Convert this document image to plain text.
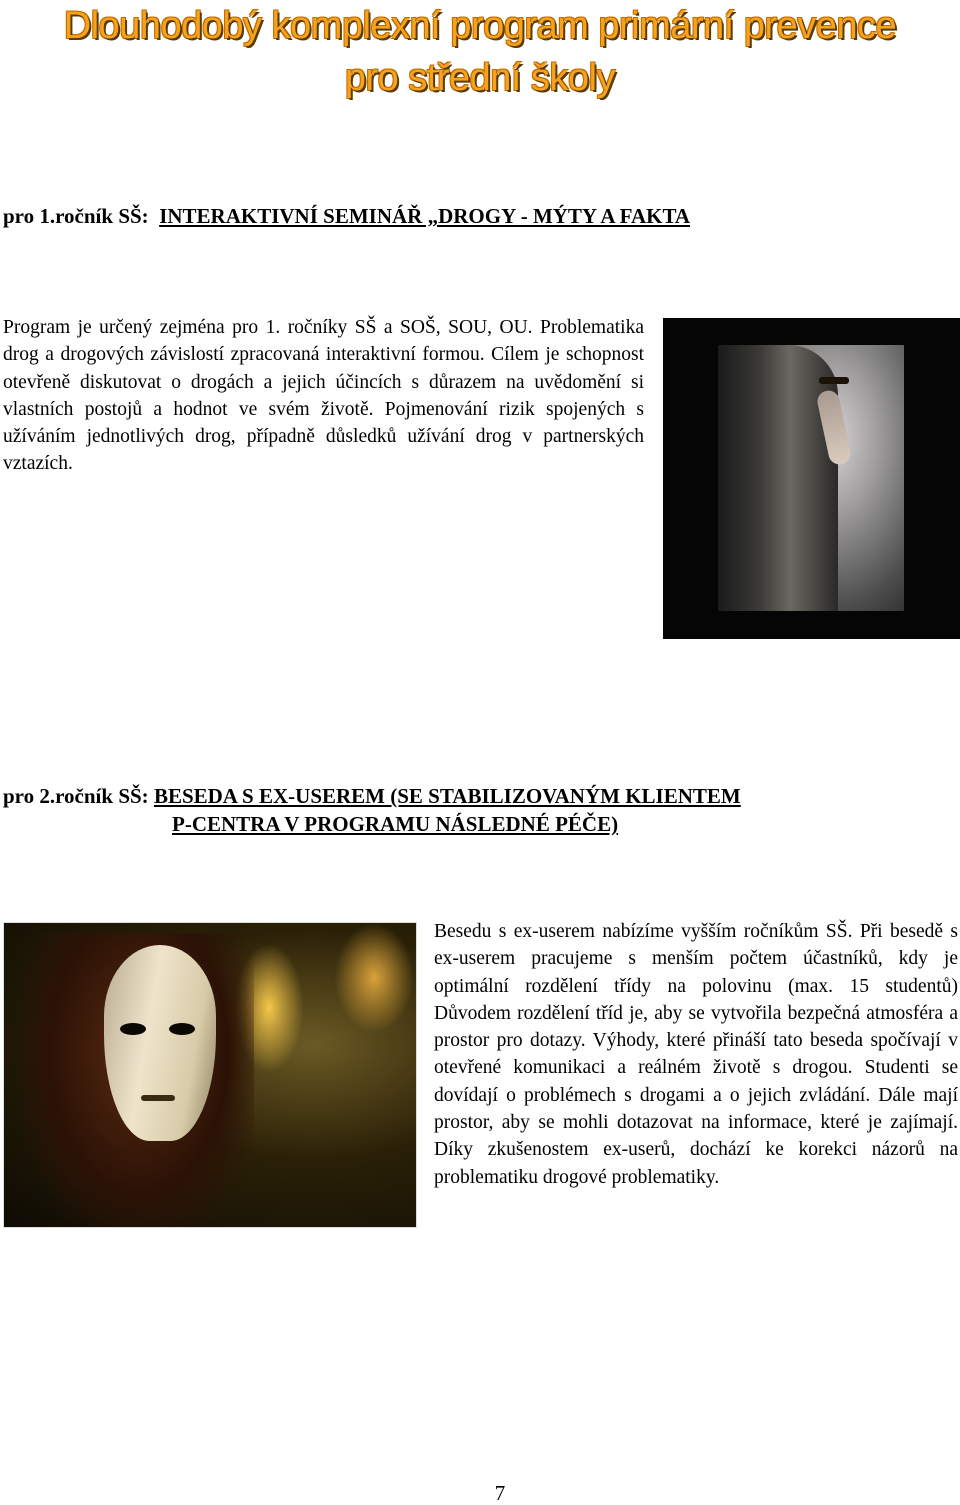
Dlouhodobý komplexní program primární prevence
pro střední školy
pro 1.ročník SŠ: INTERAKTIVNÍ SEMINÁŘ „DROGY - MÝTY A FAKTA

Program je určený zejména pro 1. ročníky SŠ a SOŠ, SOU, OU. Problematika drog a drogových závislostí zpracovaná interaktivní formou. Cílem je schopnost otevřeně diskutovat o drogách a jejich účincích s důrazem na uvědomění si vlastních postojů a hodnot ve svém životě. Pojmenování rizik spojených s užíváním jednotlivých drog, případně důsledků užívání drog v partnerských vztazích.

pro 2.ročník SŠ: BESEDA S EX-USEREM (SE STABILIZOVANÝM KLIENTEM
P-CENTRA V PROGRAMU NÁSLEDNÉ PÉČE)

Besedu s ex-userem nabízíme vyšším ročníkům SŠ. Při besedě s ex-userem pracujeme s menším počtem účastníků, kdy je optimální rozdělení třídy na polovinu (max. 15 studentů) Důvodem rozdělení tříd je, aby se vytvořila bezpečná atmosféra a prostor pro dotazy. Výhody, které přináší tato beseda spočívají v otevřené komunikaci a reálném životě s drogou. Studenti se dovídají o problémech s drogami a o jejich zvládání. Dále mají prostor, aby se mohli dotazovat na informace, které je zajímají. Díky zkušenostem ex-userů, dochází ke korekci názorů na problematiku drogové problematiky.

7
